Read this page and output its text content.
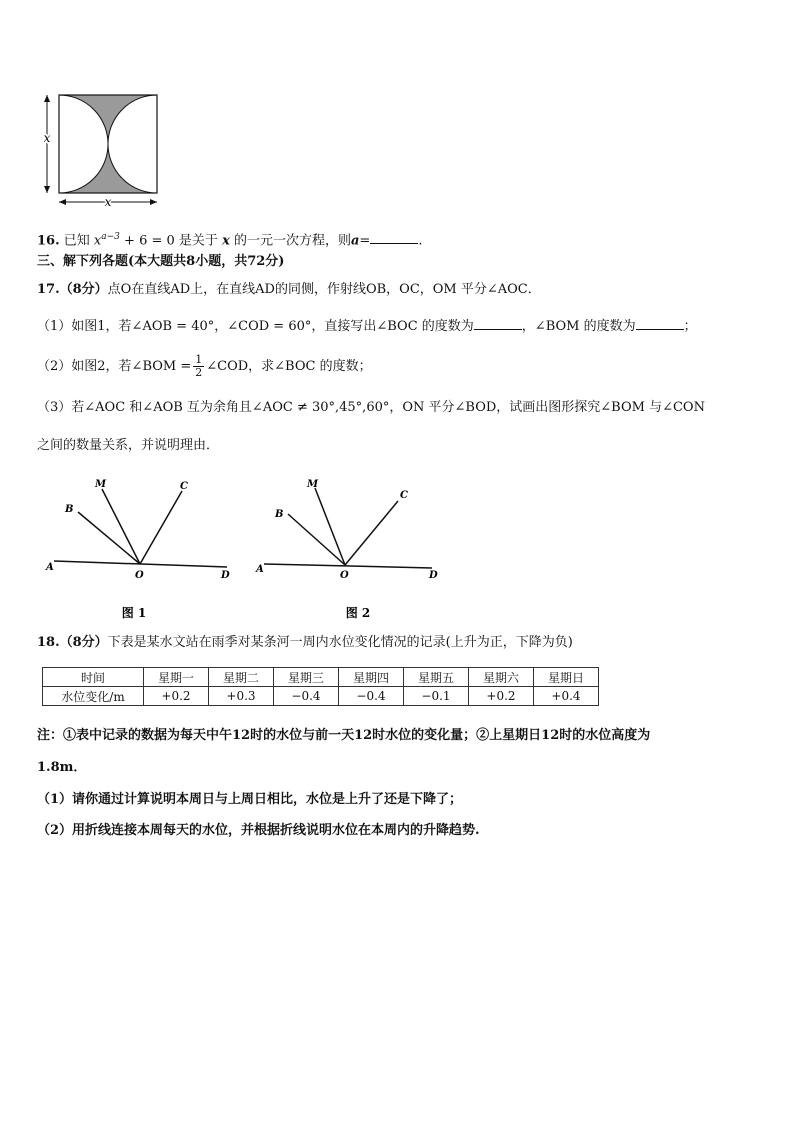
x
x
16. 已知 $x^{a-3} + 6 = 0$ 是关于 x 的一元一次方程，则a=	.
三、解下列各题(本大题共8小题，共72分)
17.（8分）点O在直线AD上，在直线AD的同侧，作射线OB，OC，OM 平分∠AOC．
（1）如图1，若∠AOB = 40°，∠COD = 60°，直接写出∠BOC 的度数为	，∠BOM 的度数为	；
（2）如图2，若∠BOM = $\frac{1}{2}$ ∠COD，求∠BOC 的度数；
（3）若∠AOC 和∠AOB 互为余角且∠AOC ≠ 30°,45°,60°，ON 平分∠BOD，试画出图形探究∠BOM 与∠CON
之间的数量关系，并说明理由．
A
B
M	C
O	D
图 1
A
B
M
C
O	D
图 2
18.（8分）下表是某水文站在雨季对某条河一周内水位变化情况的记录(上升为正，下降为负)
时间	星期一	星期二	星期三	星期四	星期五	星期六	星期日
水位变化/m	+0.2	+0.3	−0.4	−0.4	−0.1	+0.2	+0.4
注：①表中记录的数据为每天中午12时的水位与前一天12时水位的变化量；②上星期日12时的水位高度为
1.8m．
（1）请你通过计算说明本周日与上周日相比，水位是上升了还是下降了；
（2）用折线连接本周每天的水位，并根据折线说明水位在本周内的升降趋势.
